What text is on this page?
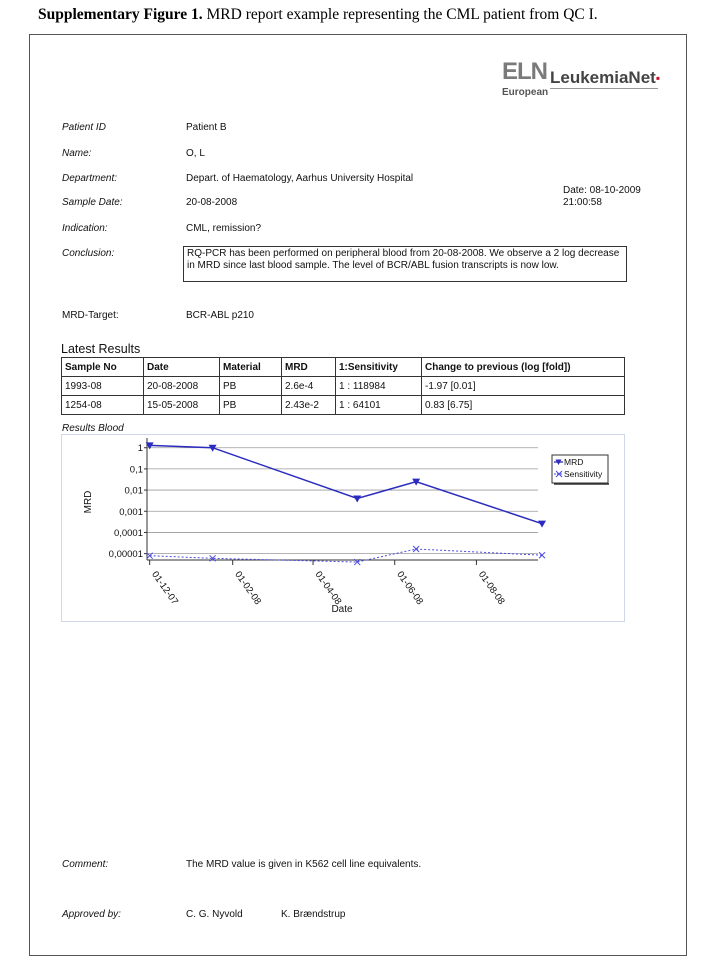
Supplementary Figure 1. MRD report example representing the CML patient from QC I.
ELN LeukemiaNet▪
European
Patient ID	Patient B
Name:	O, L
Department:	Depart. of Haematology, Aarhus University Hospital
Sample Date:	20-08-2008
Indication:	CML, remission?
Conclusion:	RQ-PCR has been performed on peripheral blood from 20-08-2008. We observe a 2 log decrease in MRD since last blood sample. The level of BCR/ABL fusion transcripts is now low.
Date: 08-10-2009
21:00:58
MRD-Target:	BCR-ABL p210
Latest Results
Sample No	Date	Material	MRD	1:Sensitivity	Change to previous (log [fold])
1993-08	20-08-2008	PB	2.6e-4	1 : 118984	-1.97 [0.01]
1254-08	15-05-2008	PB	2.43e-2	1 : 64101	0.83 [6.75]
Results Blood
1
0,1
0,01
0,001
0,0001
0,00001
01-12-07	01-02-08	01-04-08	01-06-08	01-08-08
MRD
Date
MRD
Sensitivity
Comment:	The MRD value is given in K562 cell line equivalents.
Approved by:	C. G. Nyvold	K. Brændstrup
